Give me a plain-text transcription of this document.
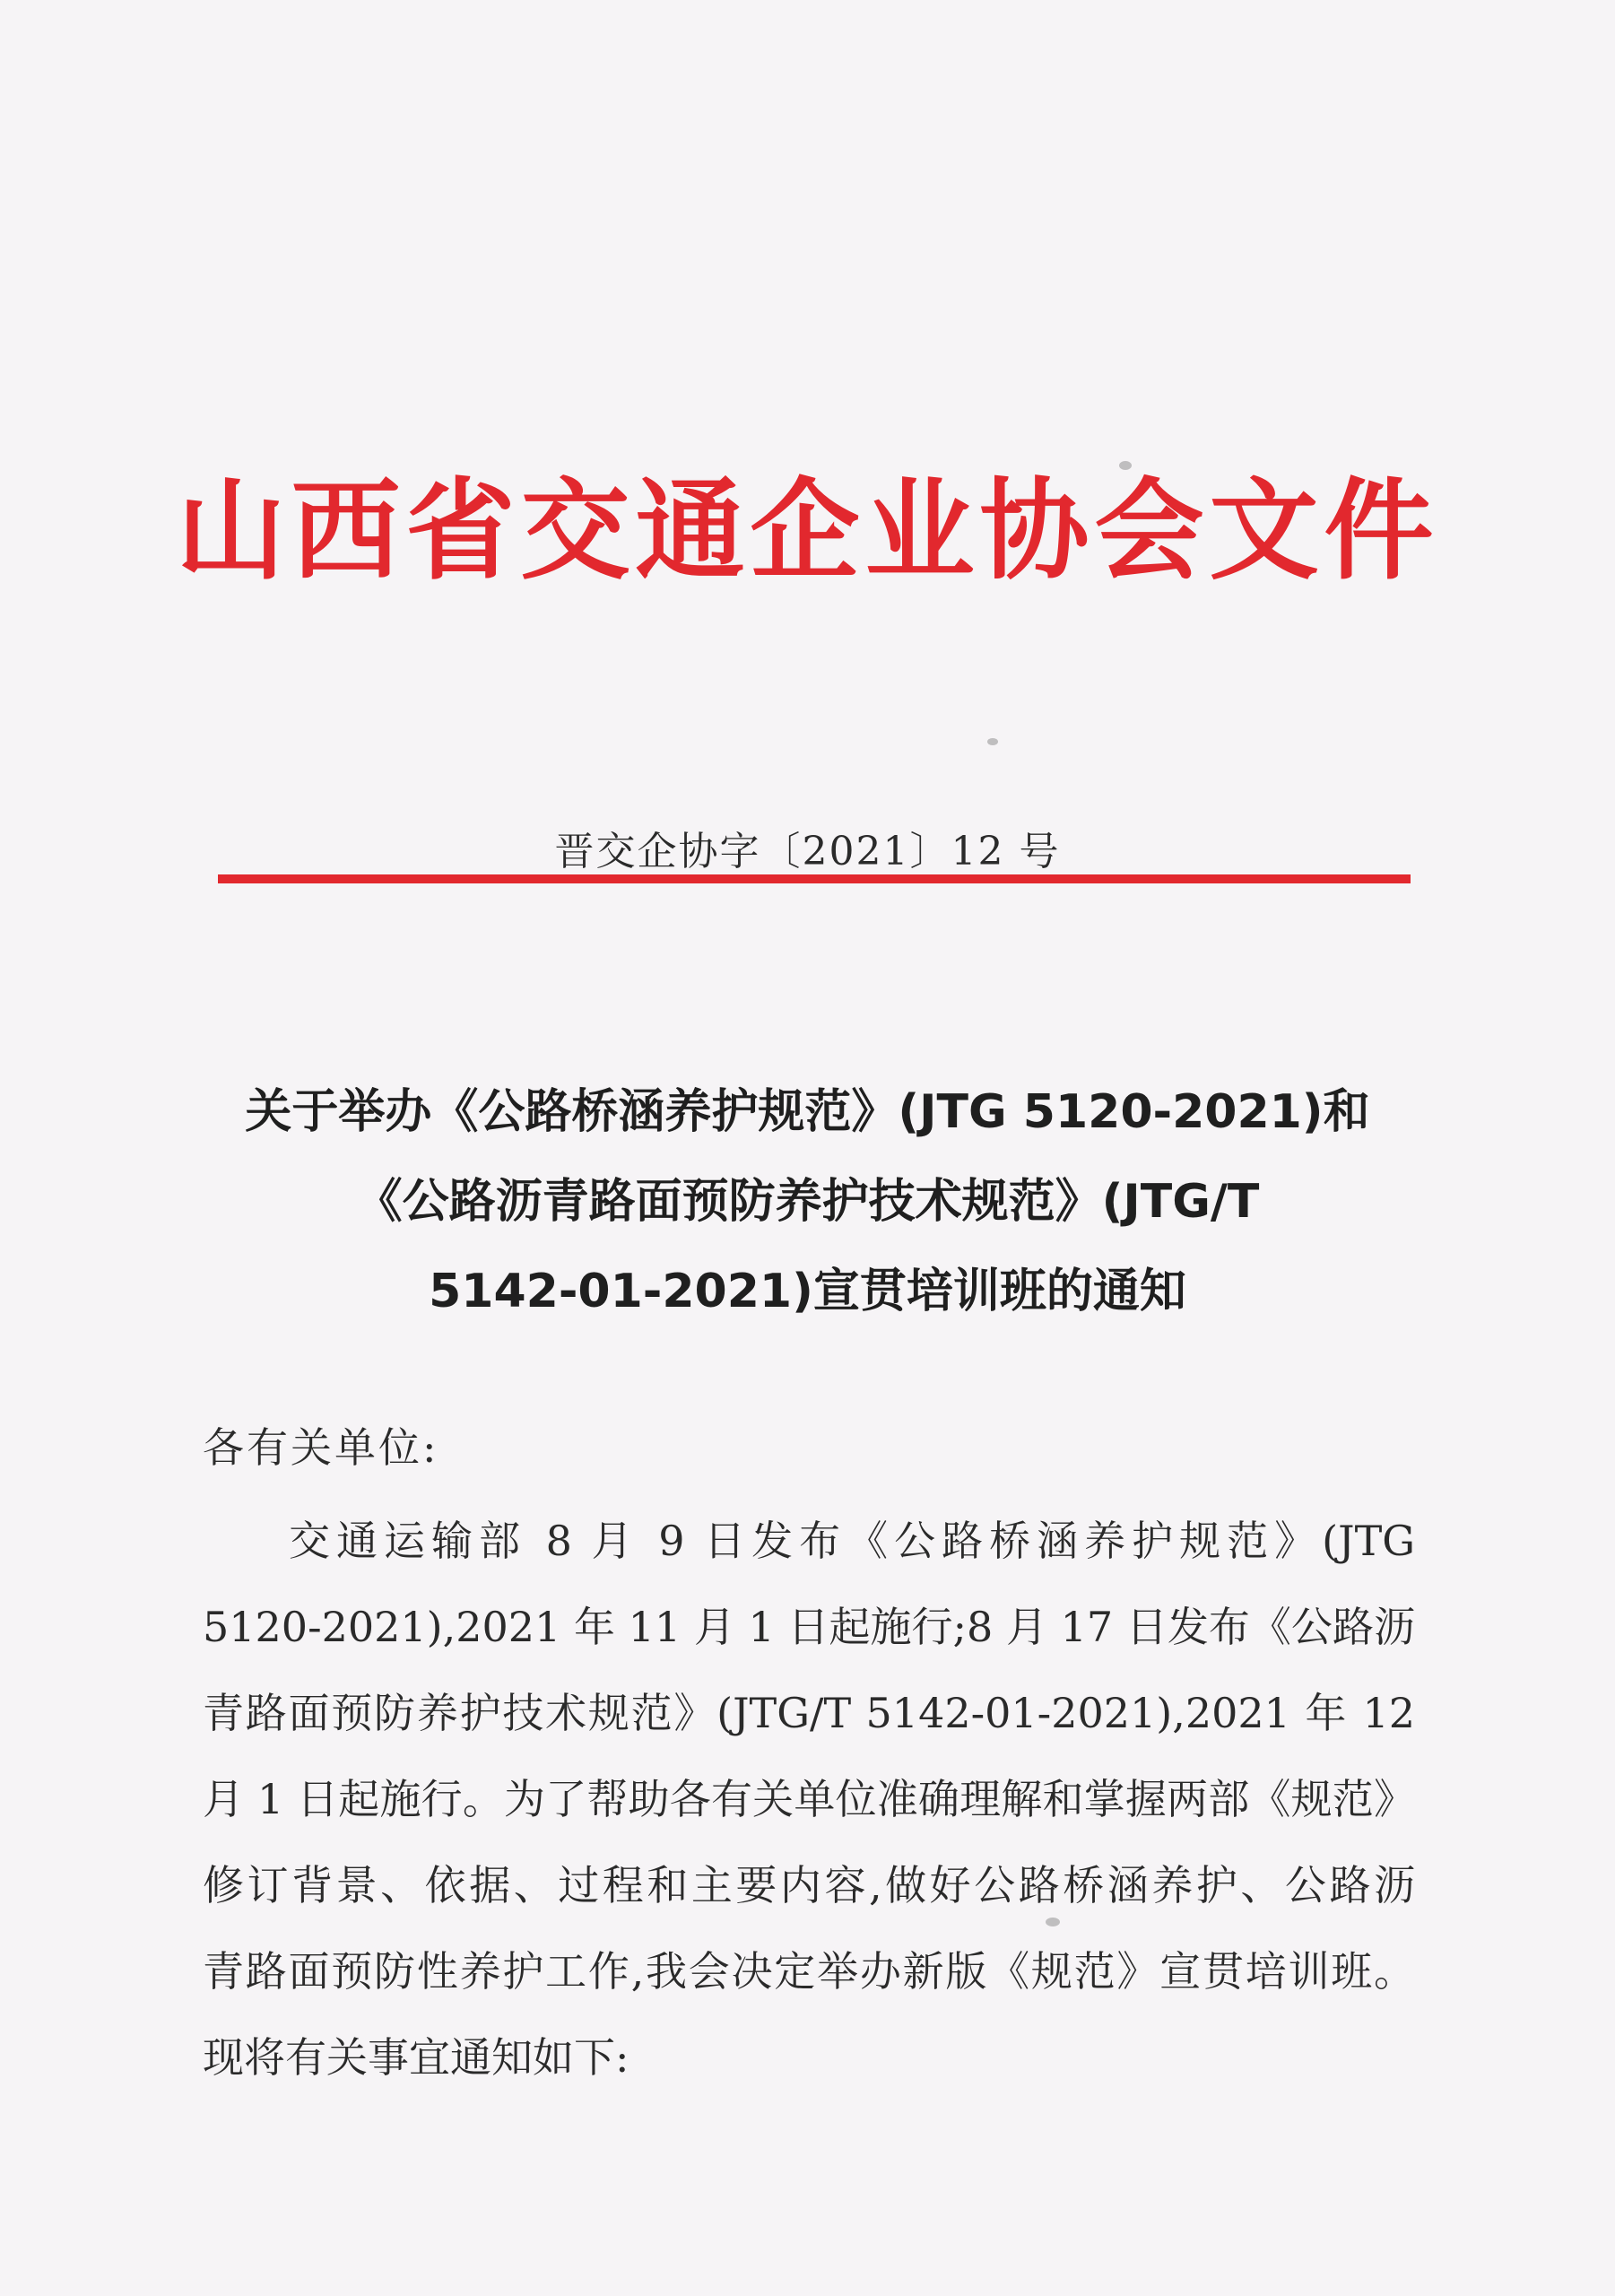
山西省交通企业协会文件
晋交企协字〔2021〕12 号
关于举办《公路桥涵养护规范》(JTG 5120-2021)和
《公路沥青路面预防养护技术规范》(JTG/T
5142-01-2021)宣贯培训班的通知
各有关单位:
交通运输部 8 月 9 日发布《公路桥涵养护规范》(JTG
5120-2021),2021 年 11 月 1 日起施行;8 月 17 日发布《公路沥
青路面预防养护技术规范》(JTG/T 5142-01-2021),2021 年 12
月 1 日起施行。为了帮助各有关单位准确理解和掌握两部《规范》
修订背景、依据、过程和主要内容,做好公路桥涵养护、公路沥
青路面预防性养护工作,我会决定举办新版《规范》宣贯培训班。
现将有关事宜通知如下:
